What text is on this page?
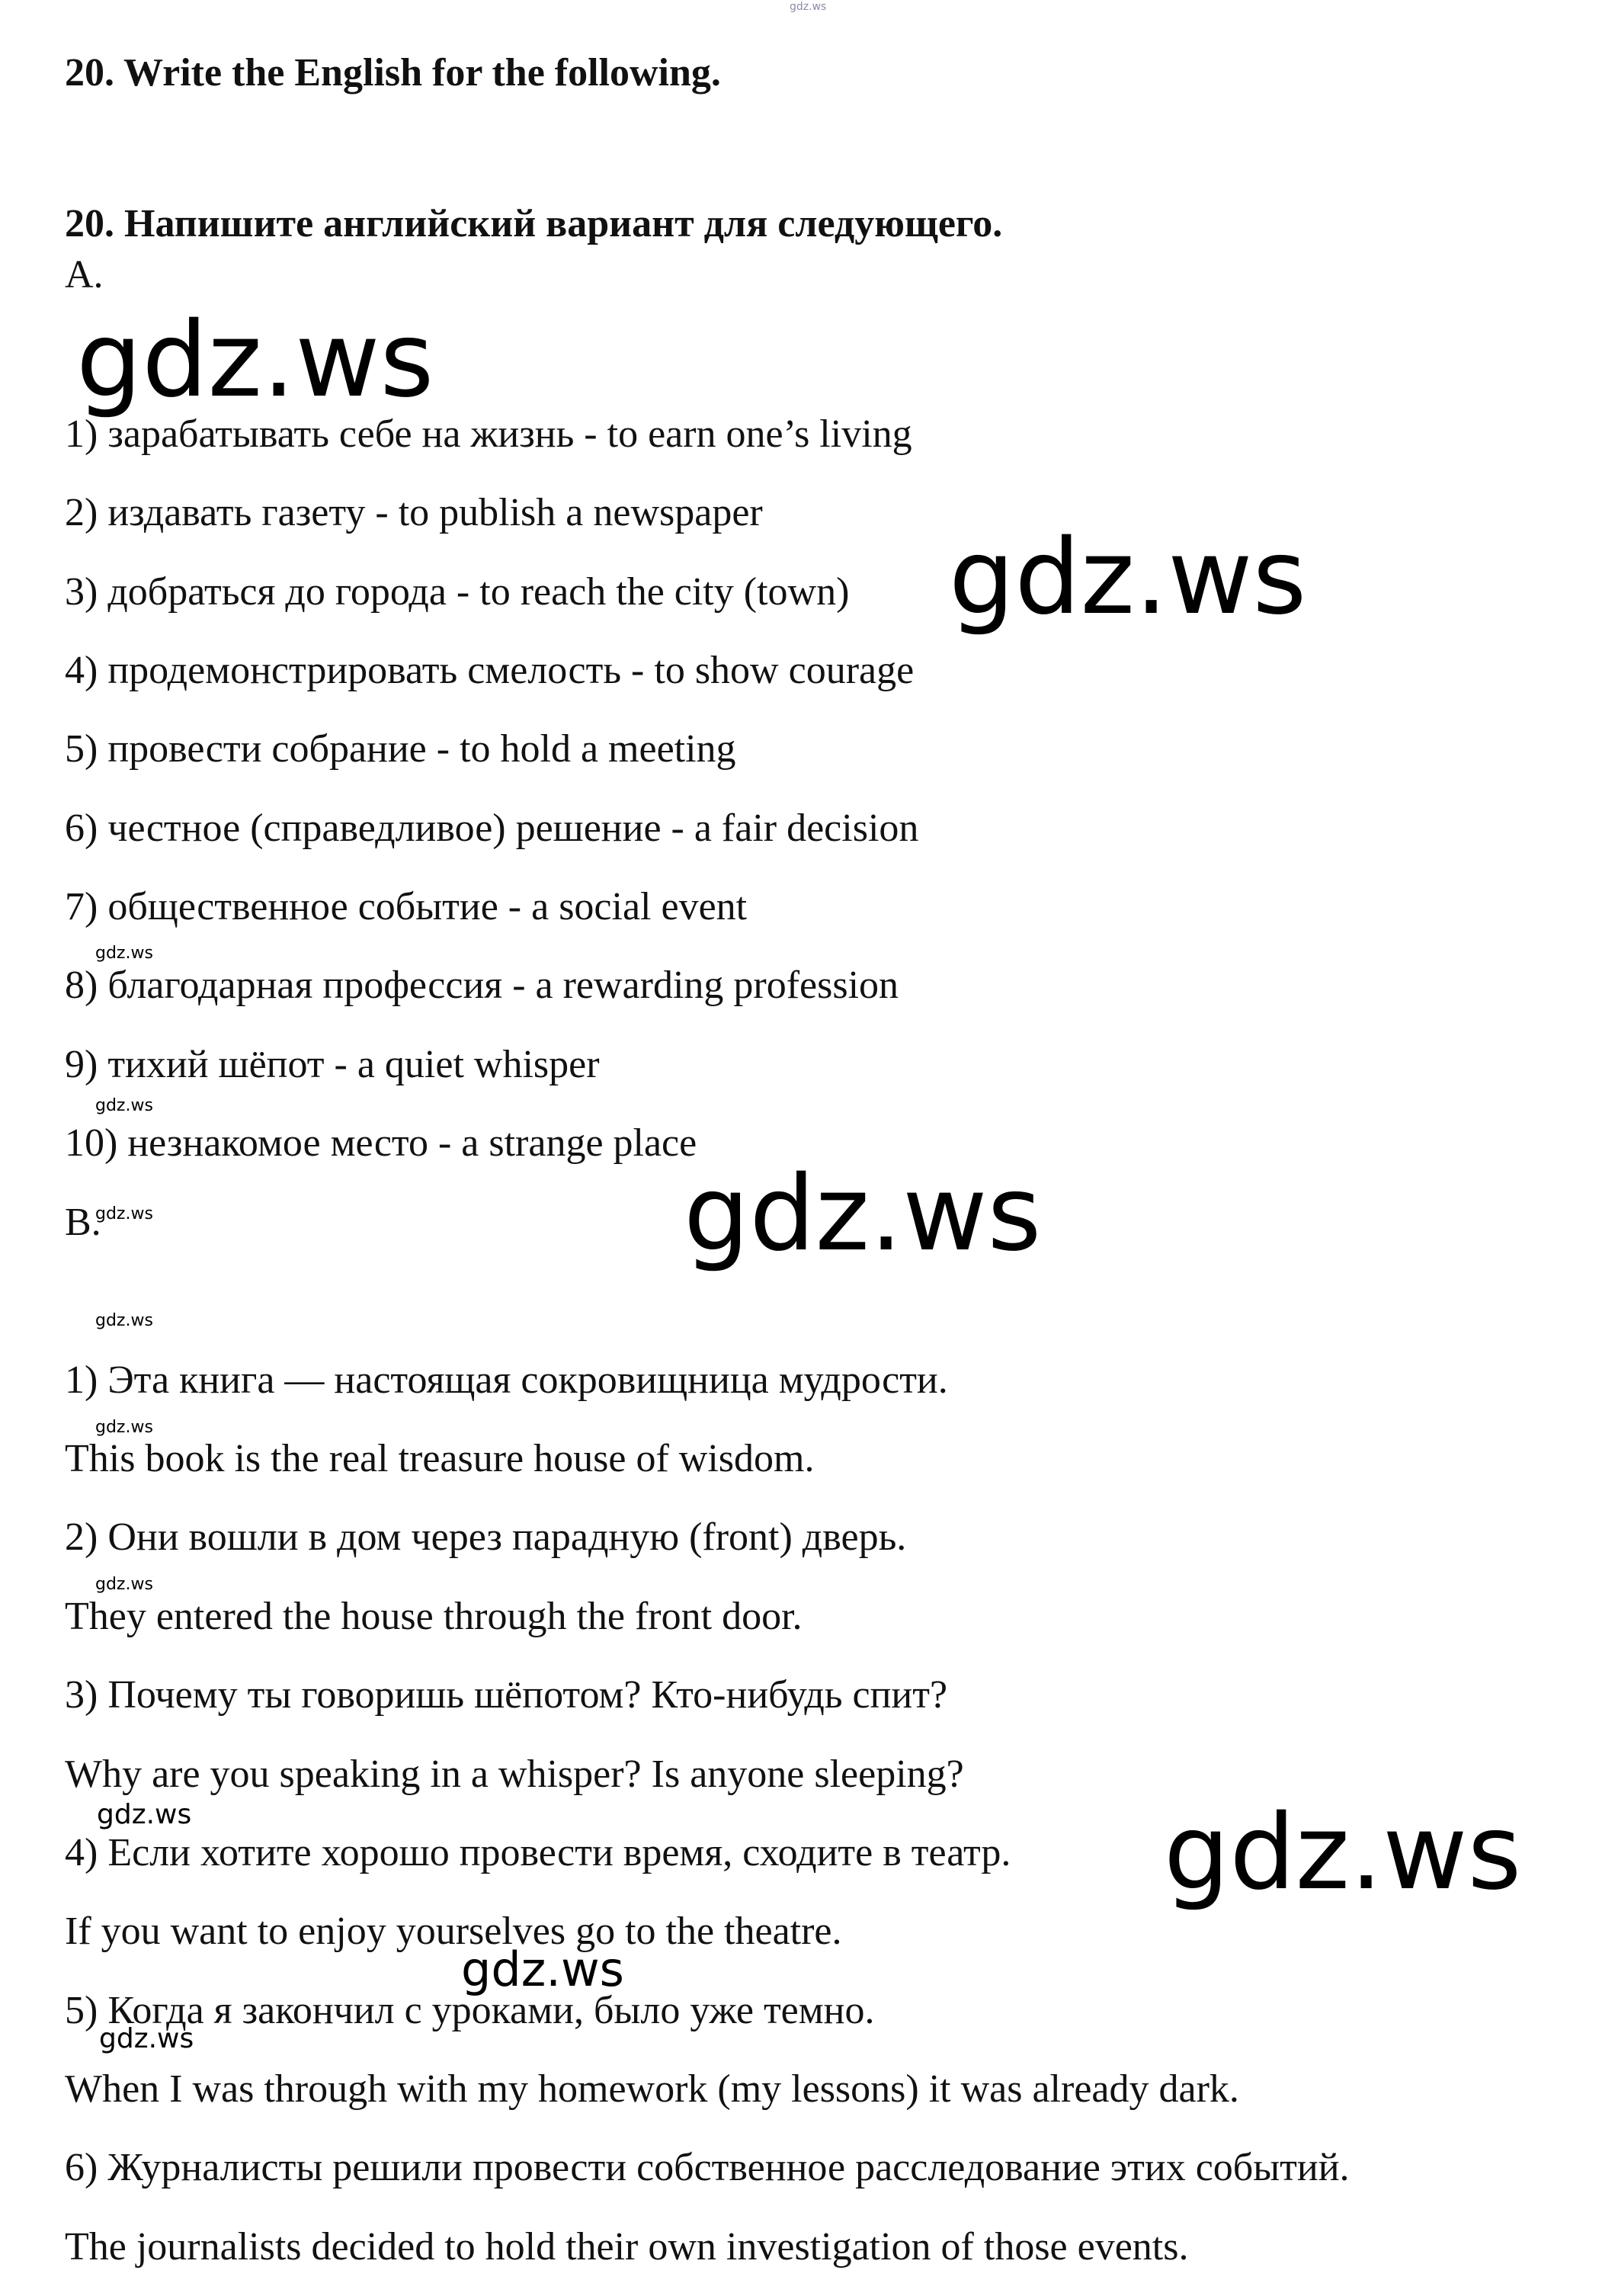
gdz.ws
gdz.ws
gdz.ws
gdz.ws
gdz.ws
gdz.ws
gdz.ws
gdz.ws
gdz.ws
gdz.ws
gdz.ws
gdz.ws
gdz.ws
gdz.ws
20. Write the English for the following.
20. Напишите английский вариант для следующего.
A.
1) зарабатывать себе на жизнь - to earn one’s living
2) издавать газету - to publish a newspaper
3) добраться до города - to reach the city (town)
4) продемонстрировать смелость - to show courage
5) провести собрание - to hold a meeting
6) честное (справедливое) решение - a fair decision
7) общественное событие - a social event
8) благодарная профессия - a rewarding profession
9) тихий шёпот - a quiet whisper
10) незнакомое место - a strange place
B.
1) Эта книга — настоящая сокровищница мудрости.
This book is the real treasure house of wisdom.
2) Они вошли в дом через парадную (front) дверь.
They entered the house through the front door.
3) Почему ты говоришь шёпотом? Кто-нибудь спит?
Why are you speaking in a whisper? Is anyone sleeping?
4) Если хотите хорошо провести время, сходите в театр.
If you want to enjoy yourselves go to the theatre.
5) Когда я закончил с уроками, было уже темно.
When I was through with my homework (my lessons) it was already dark.
6) Журналисты решили провести собственное расследование этих событий.
The journalists decided to hold their own investigation of those events.
